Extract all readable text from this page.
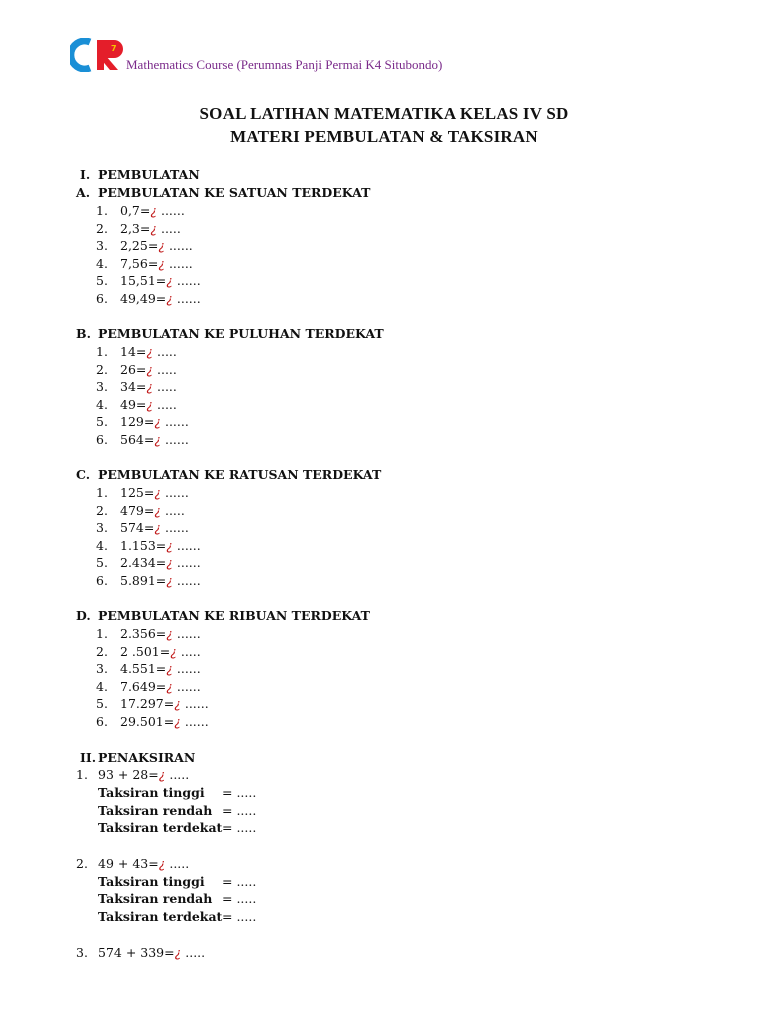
7
Mathematics Course (Perumnas Panji Permai K4 Situbondo)
SOAL LATIHAN MATEMATIKA KELAS IV SD
MATERI PEMBULATAN & TAKSIRAN
I. PEMBULATAN
A. PEMBULATAN KE SATUAN TERDEKAT
1. 0,7=¿ ......
2. 2,3=¿ .....
3. 2,25=¿ ......
4. 7,56=¿ ......
5. 15,51=¿ ......
6. 49,49=¿ ......
B. PEMBULATAN KE PULUHAN TERDEKAT
1. 14=¿ .....
2. 26=¿ .....
3. 34=¿ .....
4. 49=¿ .....
5. 129=¿ ......
6. 564=¿ ......
C. PEMBULATAN KE RATUSAN TERDEKAT
1. 125=¿ ......
2. 479=¿ .....
3. 574=¿ ......
4. 1.153=¿ ......
5. 2.434=¿ ......
6. 5.891=¿ ......
D. PEMBULATAN KE RIBUAN TERDEKAT
1. 2.356=¿ ......
2. 2 .501=¿ .....
3. 4.551=¿ ......
4. 7.649=¿ ......
5. 17.297=¿ ......
6. 29.501=¿ ......
II. PENAKSIRAN
1. 93 + 28=¿ .....
Taksiran tinggi = .....
Taksiran rendah = .....
Taksiran terdekat = .....
2. 49 + 43=¿ .....
Taksiran tinggi = .....
Taksiran rendah = .....
Taksiran terdekat = .....
3. 574 + 339=¿ .....
